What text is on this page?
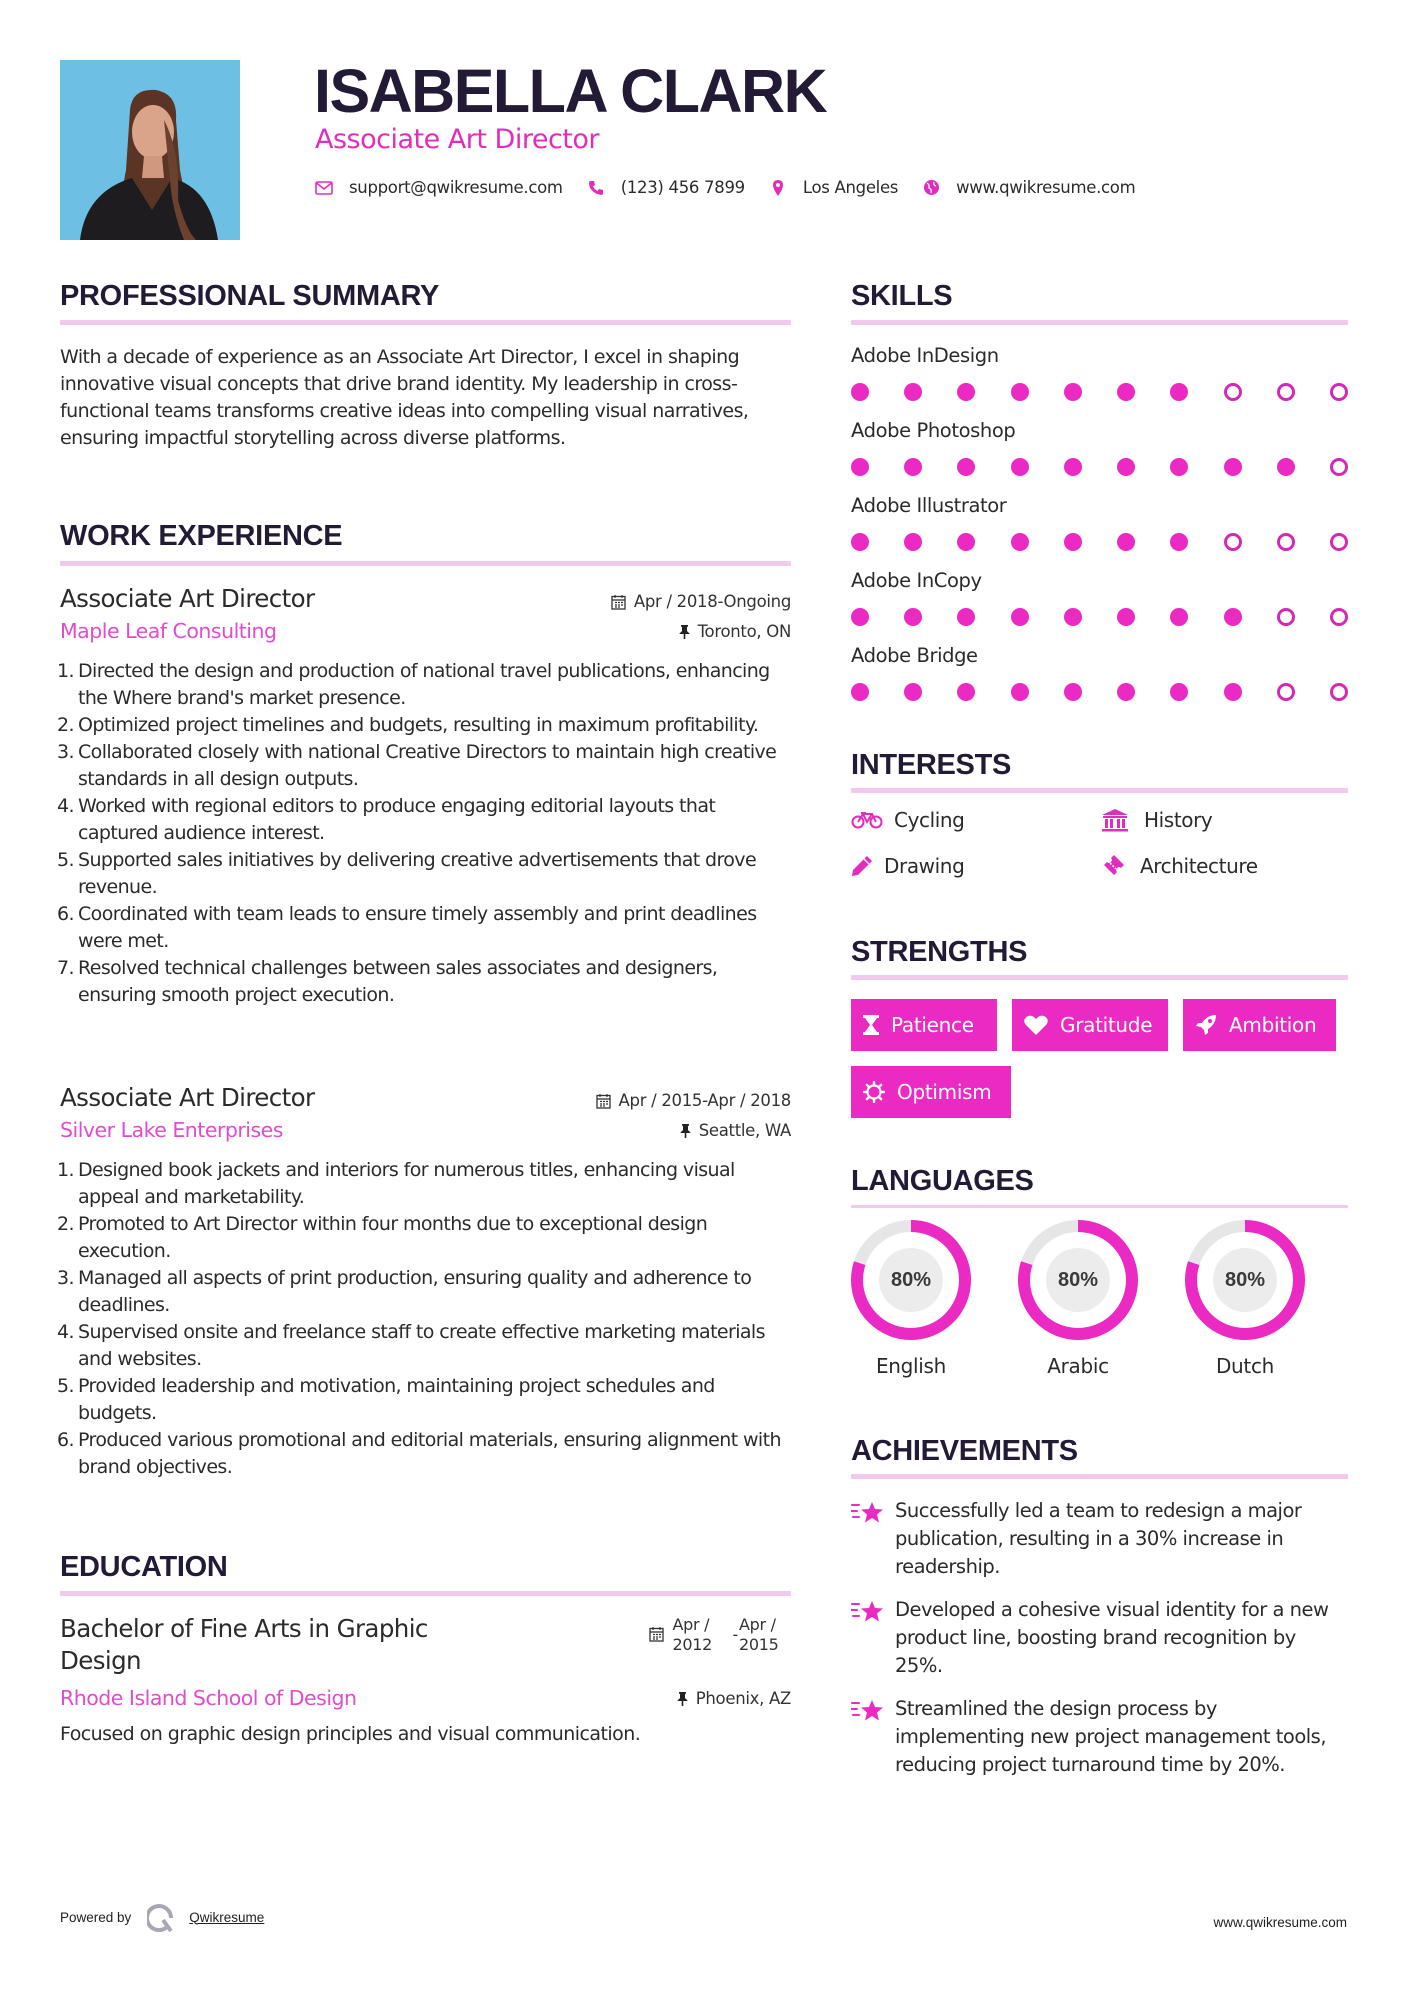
ISABELLA CLARK
Associate Art Director
support@qwikresume.com	(123) 456 7899	Los Angeles	www.qwikresume.com
PROFESSIONAL SUMMARY
With a decade of experience as an Associate Art Director, I excel in shaping innovative visual concepts that drive brand identity. My leadership in cross-functional teams transforms creative ideas into compelling visual narratives, ensuring impactful storytelling across diverse platforms.
WORK EXPERIENCE
Associate Art Director	Apr / 2018-Ongoing
Maple Leaf Consulting	Toronto, ON
1. Directed the design and production of national travel publications, enhancing the Where brand's market presence.
2. Optimized project timelines and budgets, resulting in maximum profitability.
3. Collaborated closely with national Creative Directors to maintain high creative standards in all design outputs.
4. Worked with regional editors to produce engaging editorial layouts that captured audience interest.
5. Supported sales initiatives by delivering creative advertisements that drove revenue.
6. Coordinated with team leads to ensure timely assembly and print deadlines were met.
7. Resolved technical challenges between sales associates and designers, ensuring smooth project execution.
Associate Art Director	Apr / 2015-Apr / 2018
Silver Lake Enterprises	Seattle, WA
1. Designed book jackets and interiors for numerous titles, enhancing visual appeal and marketability.
2. Promoted to Art Director within four months due to exceptional design execution.
3. Managed all aspects of print production, ensuring quality and adherence to deadlines.
4. Supervised onsite and freelance staff to create effective marketing materials and websites.
5. Provided leadership and motivation, maintaining project schedules and budgets.
6. Produced various promotional and editorial materials, ensuring alignment with brand objectives.
EDUCATION
Bachelor of Fine Arts in Graphic
Design
Apr /
2012
-
Apr /
2015
Rhode Island School of Design	Phoenix, AZ
Focused on graphic design principles and visual communication.
SKILLS
Adobe InDesign
Adobe Photoshop
Adobe Illustrator
Adobe InCopy
Adobe Bridge
INTERESTS
Cycling	History
Drawing	Architecture
STRENGTHS
Patience	Gratitude	Ambition
Optimism
LANGUAGES
80%
English
80%
Arabic
80%
Dutch
ACHIEVEMENTS
Successfully led a team to redesign a major publication, resulting in a 30% increase in readership.
Developed a cohesive visual identity for a new product line, boosting brand recognition by 25%.
Streamlined the design process by implementing new project management tools, reducing project turnaround time by 20%.
Powered by	Qwikresume	www.qwikresume.com
